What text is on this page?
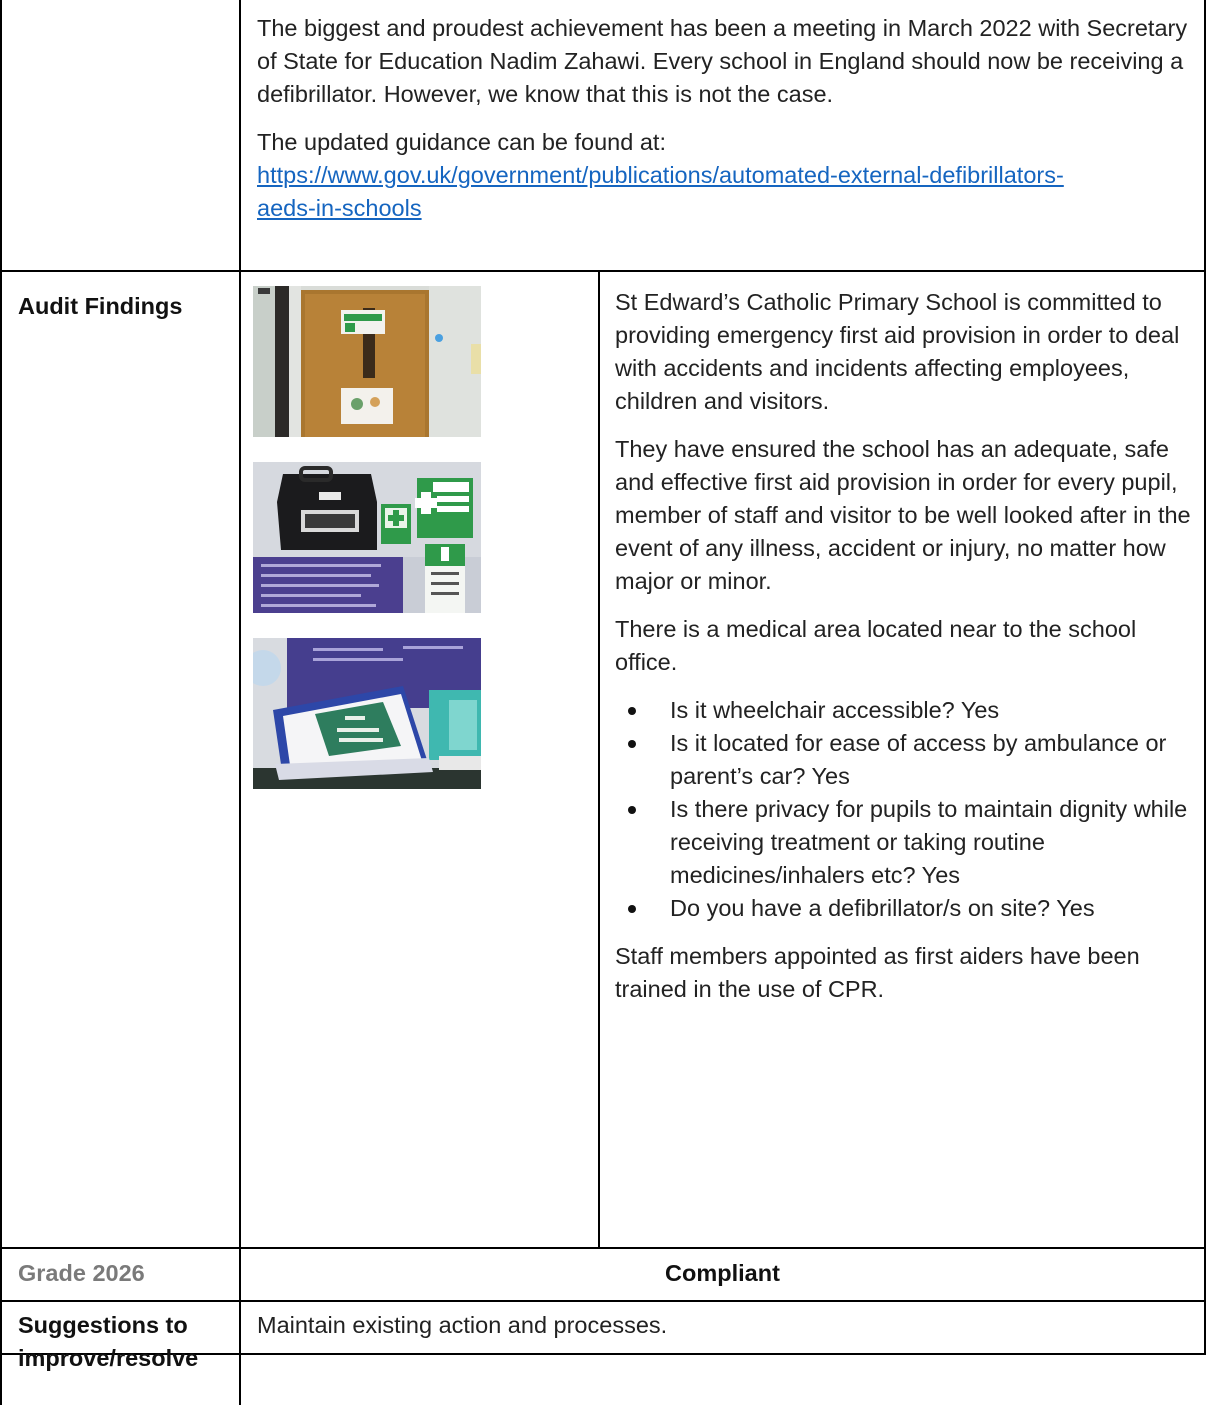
The biggest and proudest achievement has been a meeting in March 2022 with Secretary of State for Education Nadim Zahawi. Every school in England should now be receiving a defibrillator. However, we know that this is not the case.

The updated guidance can be found at:

https://www.gov.uk/government/publications/automated-external-defibrillators-aeds-in-schools
Audit Findings	St Edward’s Catholic Primary School is committed to providing emergency first aid provision in order to deal with accidents and incidents affecting employees, children and visitors.

They have ensured the school has an adequate, safe and effective first aid provision in order for every pupil, member of staff and visitor to be well looked after in the event of any illness, accident or injury, no matter how major or minor.

There is a medical area located near to the school office.

Is it wheelchair accessible? Yes
Is it located for ease of access by ambulance or parent’s car? Yes
Is there privacy for pupils to maintain dignity while receiving treatment or taking routine medicines/inhalers etc? Yes
Do you have a defibrillator/s on site? Yes

Staff members appointed as first aiders have been trained in the use of CPR.

Grade 2026	Compliant
Suggestions to
improve/resolve
Maintain existing action and processes.
